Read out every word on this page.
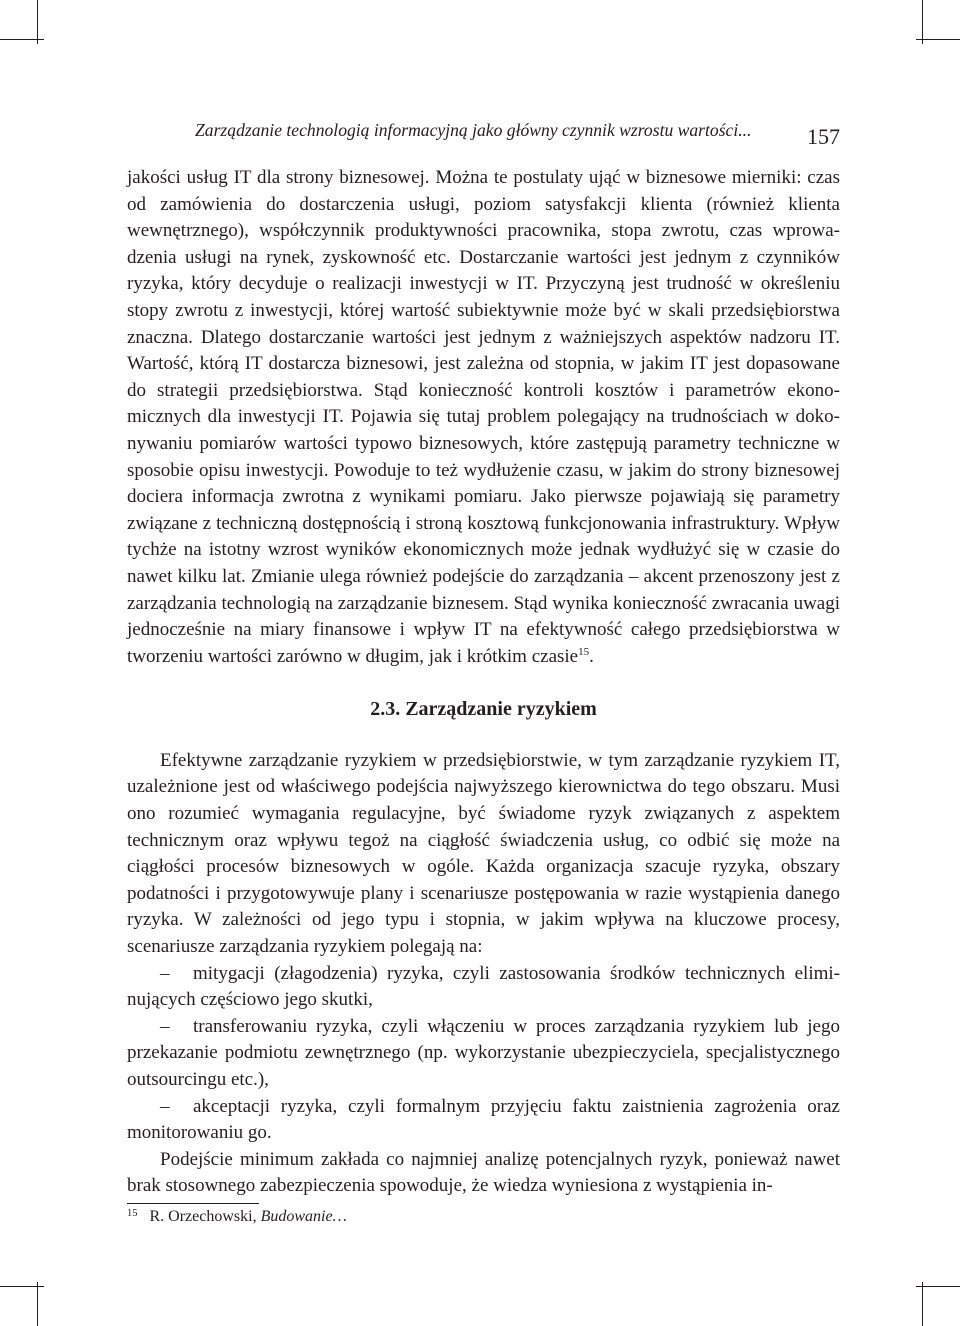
Zarządzanie technologią informacyjną jako główny czynnik wzrostu wartości...	157

jakości usług IT dla strony biznesowej. Można te postulaty ująć w biznesowe mierniki: czas od zamówienia do dostarczenia usługi, poziom satysfakcji klienta (również klienta wewnętrznego), współczynnik produktywności pracownika, stopa zwrotu, czas wprowadzenia usługi na rynek, zyskowność etc. Dostarczanie wartości jest jednym z czynników ryzyka, który decyduje o realizacji inwestycji w IT. Przyczyną jest trudność w określeniu stopy zwrotu z inwestycji, której wartość subiektywnie może być w skali przedsiębiorstwa znaczna. Dlatego dostarczanie wartości jest jednym z ważniejszych aspektów nadzoru IT. Wartość, którą IT dostarcza biznesowi, jest zależna od stopnia, w jakim IT jest dopasowane do strategii przedsiębiorstwa. Stąd konieczność kontroli kosztów i parametrów ekonomicznych dla inwestycji IT. Pojawia się tutaj problem polegający na trudnościach w dokonywaniu pomiarów wartości typowo biznesowych, które zastępują parametry techniczne w sposobie opisu inwestycji. Powoduje to też wydłużenie czasu, w jakim do strony biznesowej dociera informacja zwrotna z wynikami pomiaru. Jako pierwsze pojawiają się parametry związane z techniczną dostępnością i stroną kosztową funkcjonowania infrastruktury. Wpływ tychże na istotny wzrost wyników ekonomicznych może jednak wydłużyć się w czasie do nawet kilku lat. Zmianie ulega również podejście do zarządzania – akcent przenoszony jest z zarządzania technologią na zarządzanie biznesem. Stąd wynika konieczność zwracania uwagi jednocześnie na miary finansowe i wpływ IT na efektywność całego przedsiębiorstwa w tworzeniu wartości zarówno w długim, jak i krótkim czasie$^{15}$.

2.3. Zarządzanie ryzykiem

Efektywne zarządzanie ryzykiem w przedsiębiorstwie, w tym zarządzanie ryzykiem IT, uzależnione jest od właściwego podejścia najwyższego kierownictwa do tego obszaru. Musi ono rozumieć wymagania regulacyjne, być świadome ryzyk związanych z aspektem technicznym oraz wpływu tegoż na ciągłość świadczenia usług, co odbić się może na ciągłości procesów biznesowych w ogóle. Każda organizacja szacuje ryzyka, obszary podatności i przygotowywuje plany i scenariusze postępowania w razie wystąpienia danego ryzyka. W zależności od jego typu i stopnia, w jakim wpływa na kluczowe procesy, scenariusze zarządzania ryzykiem polegają na:

– mitygacji (złagodzenia) ryzyka, czyli zastosowania środków technicznych eliminujących częściowo jego skutki,

– transferowaniu ryzyka, czyli włączeniu w proces zarządzania ryzykiem lub jego przekazanie podmiotu zewnętrznego (np. wykorzystanie ubezpieczyciela, specjalistycznego outsourcingu etc.),

– akceptacji ryzyka, czyli formalnym przyjęciu faktu zaistnienia zagrożenia oraz monitorowaniu go.

Podejście minimum zakłada co najmniej analizę potencjalnych ryzyk, ponieważ nawet brak stosownego zabezpieczenia spowoduje, że wiedza wyniesiona z wystąpienia in-

$^{15}$ R. Orzechowski, Budowanie…
